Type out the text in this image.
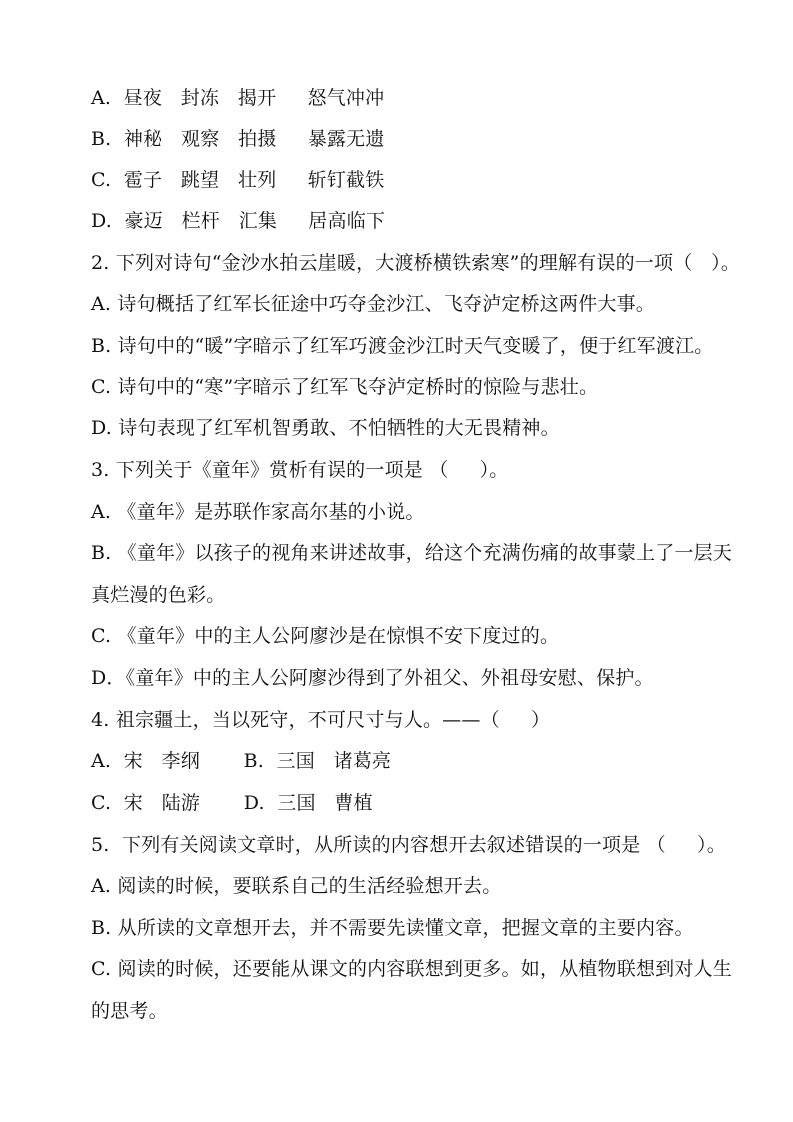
A.  昼夜   封冻   揭开     怒气冲冲
B.  神秘   观察   拍摄     暴露无遗
C.  雹子   跳望   壮列     斩钉截铁
D.  豪迈   栏杆   汇集     居高临下
2. 下列对诗句“金沙水拍云崖暖，大渡桥横铁索寒”的理解有误的一项（   ）。
A. 诗句概括了红军长征途中巧夺金沙江、飞夺泸定桥这两件大事。
B. 诗句中的“暖”字暗示了红军巧渡金沙江时天气变暖了，便于红军渡江。
C. 诗句中的“寒”字暗示了红军飞夺泸定桥时的惊险与悲壮。
D. 诗句表现了红军机智勇敢、不怕牺牲的大无畏精神。
3. 下列关于《童年》赏析有误的一项是 （     ）。
A. 《童年》是苏联作家高尔基的小说。
B. 《童年》以孩子的视角来讲述故事，给这个充满伤痛的故事蒙上了一层天
真烂漫的色彩。
C. 《童年》中的主人公阿廖沙是在惊惧不安下度过的。
D．《童年》中的主人公阿廖沙得到了外祖父、外祖母安慰、保护。
4. 祖宗疆土，当以死守，不可尺寸与人。——（     ）
A.  宋   李纲       B.  三国   诸葛亮
C.  宋   陆游       D.  三国   曹植
5.  下列有关阅读文章时，从所读的内容想开去叙述错误的一项是 （     ）。
A. 阅读的时候，要联系自己的生活经验想开去。
B. 从所读的文章想开去，并不需要先读懂文章，把握文章的主要内容。
C. 阅读的时候，还要能从课文的内容联想到更多。如，从植物联想到对人生
的思考。
